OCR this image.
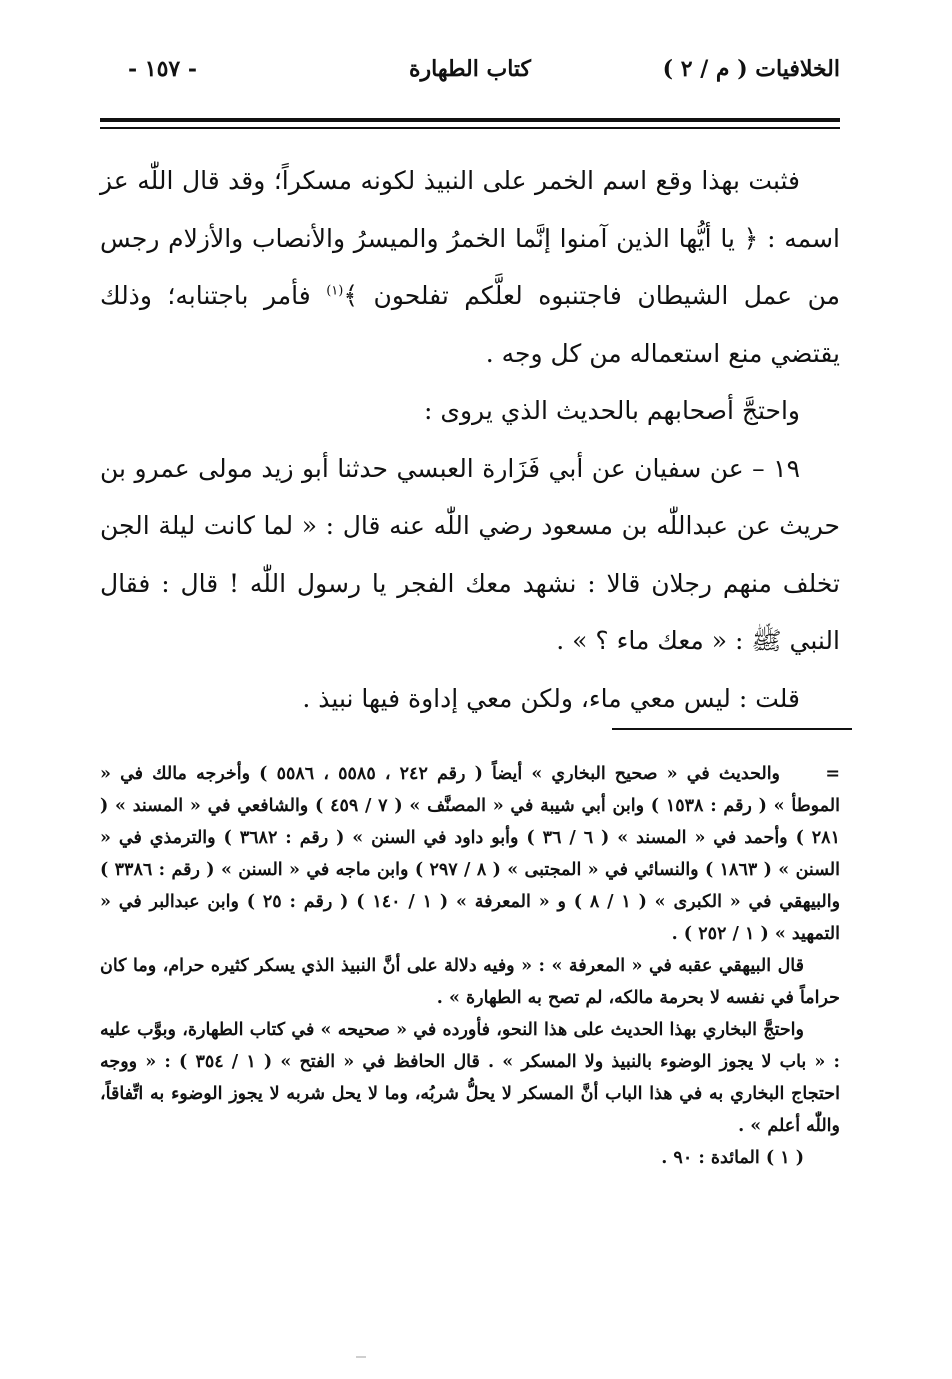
الخلافيات ( م / ٢ )
كتاب الطهارة
- ١٥٧ -

فثبت بهذا وقع اسم الخمر على النبيذ لكونه مسكراً؛ وقد قال اللّٰه عز اسمه : ﴿ يا أيُّها الذين آمنوا إنَّما الخمرُ والميسرُ والأنصاب والأزلام رجس من عمل الشيطان فاجتنبوه لعلَّكم تفلحون ﴾$^{(١)}$ فأمر باجتنابه؛ وذلك يقتضي منع استعماله من كل وجه .

واحتجَّ أصحابهم بالحديث الذي يروى :

١٩ – عن سفيان عن أبي فَزَارة العبسي حدثنا أبو زيد مولى عمرو بن حريث عن عبداللّٰه بن مسعود رضي اللّٰه عنه قال : « لما كانت ليلة الجن تخلف منهم رجلان قالا : نشهد معك الفجر يا رسول اللّٰه ! قال : فقال النبي ﷺ : « معك ماء ؟ » .

قلت : ليس معي ماء، ولكن معي إداوة فيها نبيذ .

=والحديث في « صحيح البخاري » أيضاً ( رقم ٢٤٢ ، ٥٥٨٥ ، ٥٥٨٦ ) وأخرجه مالك في « الموطأ » ( رقم : ١٥٣٨ ) وابن أبي شيبة في « المصنَّف » ( ٧ / ٤٥٩ ) والشافعي في « المسند » ( ٢٨١ ) وأحمد في « المسند » ( ٦ / ٣٦ ) وأبو داود في السنن » ( رقم : ٣٦٨٢ ) والترمذي في « السنن » ( ١٨٦٣ ) والنسائي في « المجتبى » ( ٨ / ٢٩٧ ) وابن ماجه في « السنن » ( رقم : ٣٣٨٦ ) والبيهقي في « الكبرى » ( ١ / ٨ ) و « المعرفة » ( ١ / ١٤٠ ) ( رقم : ٢٥ ) وابن عبدالبر في « التمهيد » ( ١ / ٢٥٢ ) .

قال البيهقي عقبه في « المعرفة » : « وفيه دلالة على أنَّ النبيذ الذي يسكر كثيره حرام، وما كان حراماً في نفسه لا بحرمة مالكه، لم تصح به الطهارة » .

واحتجَّ البخاري بهذا الحديث على هذا النحو، فأورده في « صحيحه » في كتاب الطهارة، وبوَّب عليه : « باب لا يجوز الوضوء بالنبيذ ولا المسكر » . قال الحافظ في « الفتح » ( ١ / ٣٥٤ ) : « ووجه احتجاج البخاري به في هذا الباب أنَّ المسكر لا يحلُّ شربُه، وما لا يحل شربه لا يجوز الوضوء به اتِّفاقاً، واللّٰه أعلم » .

( ١ ) المائدة : ٩٠ .
